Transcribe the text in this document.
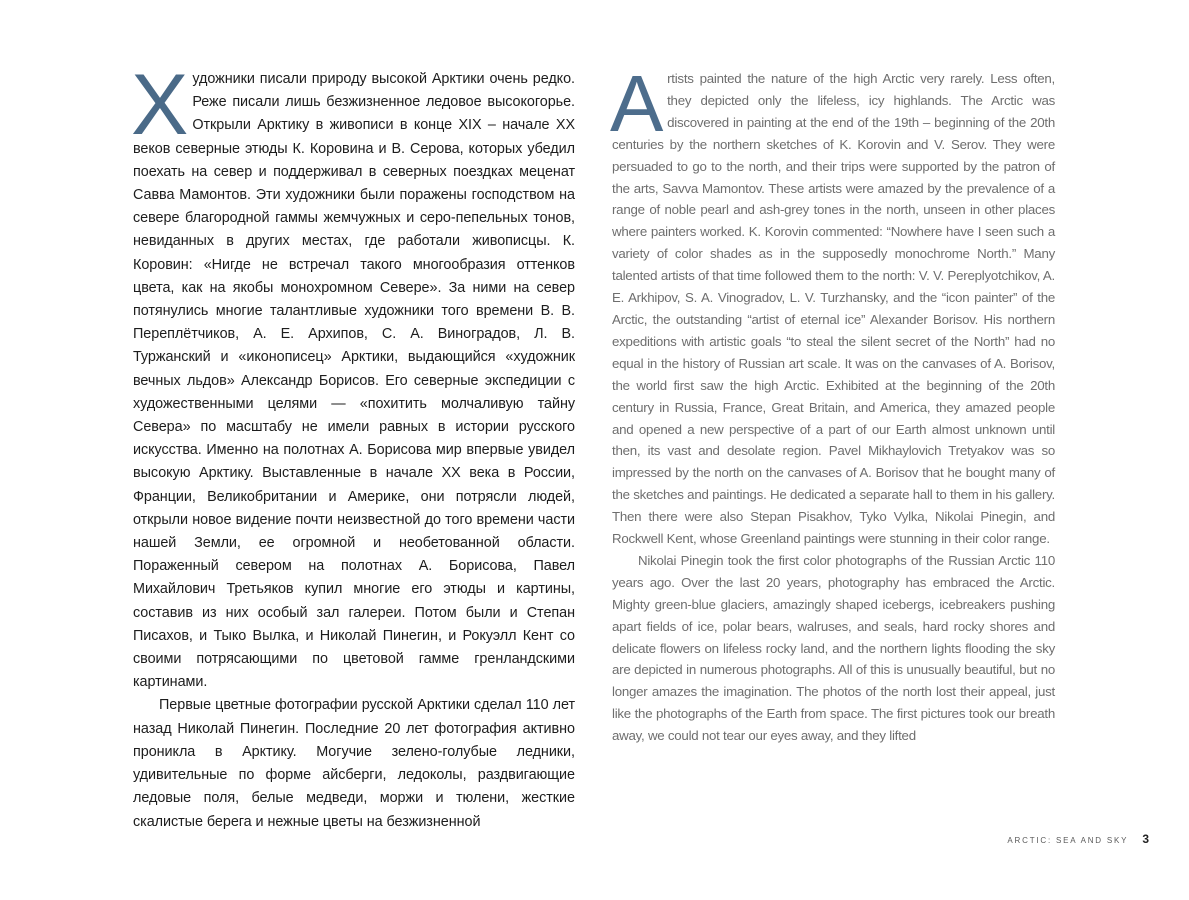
Х удожники писали природу высокой Арктики очень редко. Реже писали лишь безжизненное ледовое высокогорье. Открыли Арктику в живописи в конце XIX – начале XX веков северные этюды К. Коровина и В. Серова, которых убедил поехать на север и поддерживал в северных поездках меценат Савва Мамонтов. Эти художники были поражены господством на севере благородной гаммы жемчужных и серо-пепельных тонов, невиданных в других местах, где работали живописцы. К. Коровин: «Нигде не встречал такого многообразия оттенков цвета, как на якобы монохромном Севере». За ними на север потянулись многие талантливые художники того времени В. В. Переплётчиков, А. Е. Архипов, С. А. Виноградов, Л. В. Туржанский и «иконописец» Арктики, выдающийся «художник вечных льдов» Александр Борисов. Его северные экспедиции с художественными целями — «похитить молчаливую тайну Севера» по масштабу не имели равных в истории русского искусства. Именно на полотнах А. Борисова мир впервые увидел высокую Арктику. Выставленные в начале XX века в России, Франции, Великобритании и Америке, они потрясли людей, открыли новое видение почти неизвестной до того времени части нашей Земли, ее огромной и необетованной области. Пораженный севером на полотнах А. Борисова, Павел Михайлович Третьяков купил многие его этюды и картины, составив из них особый зал галереи. Потом были и Степан Писахов, и Тыко Вылка, и Николай Пинегин, и Рокуэлл Кент со своими потрясающими по цветовой гамме гренландскими картинами.

Первые цветные фотографии русской Арктики сделал 110 лет назад Николай Пинегин. Последние 20 лет фотография активно проникла в Арктику. Могучие зелено-голубые ледники, удивительные по форме айсберги, ледоколы, раздвигающие ледовые поля, белые медведи, моржи и тюлени, жесткие скалистые берега и нежные цветы на безжизненной

A rtists painted the nature of the high Arctic very rarely. Less often, they depicted only the lifeless, icy highlands. The Arctic was discovered in painting at the end of the 19th – beginning of the 20th centuries by the northern sketches of K. Korovin and V. Serov. They were persuaded to go to the north, and their trips were supported by the patron of the arts, Savva Mamontov. These artists were amazed by the prevalence of a range of noble pearl and ash-grey tones in the north, unseen in other places where painters worked. K. Korovin commented: “Nowhere have I seen such a variety of color shades as in the supposedly monochrome North.” Many talented artists of that time followed them to the north: V. V. Pereplyotchikov, A. E. Arkhipov, S. A. Vinogradov, L. V. Turzhansky, and the “icon painter” of the Arctic, the outstanding “artist of eternal ice” Alexander Borisov. His northern expeditions with artistic goals “to steal the silent secret of the North” had no equal in the history of Russian art scale. It was on the canvases of A. Borisov, the world first saw the high Arctic. Exhibited at the beginning of the 20th century in Russia, France, Great Britain, and America, they amazed people and opened a new perspective of a part of our Earth almost unknown until then, its vast and desolate region. Pavel Mikhaylovich Tretyakov was so impressed by the north on the canvases of A. Borisov that he bought many of the sketches and paintings. He dedicated a separate hall to them in his gallery. Then there were also Stepan Pisakhov, Tyko Vylka, Nikolai Pinegin, and Rockwell Kent, whose Greenland paintings were stunning in their color range.

Nikolai Pinegin took the first color photographs of the Russian Arctic 110 years ago. Over the last 20 years, photography has embraced the Arctic. Mighty green-blue glaciers, amazingly shaped icebergs, icebreakers pushing apart fields of ice, polar bears, walruses, and seals, hard rocky shores and delicate flowers on lifeless rocky land, and the northern lights flooding the sky are depicted in numerous photographs. All of this is unusually beautiful, but no longer amazes the imagination. The photos of the north lost their appeal, just like the photographs of the Earth from space. The first pictures took our breath away, we could not tear our eyes away, and they lifted

ARCTIC: SEA AND SKY 3
